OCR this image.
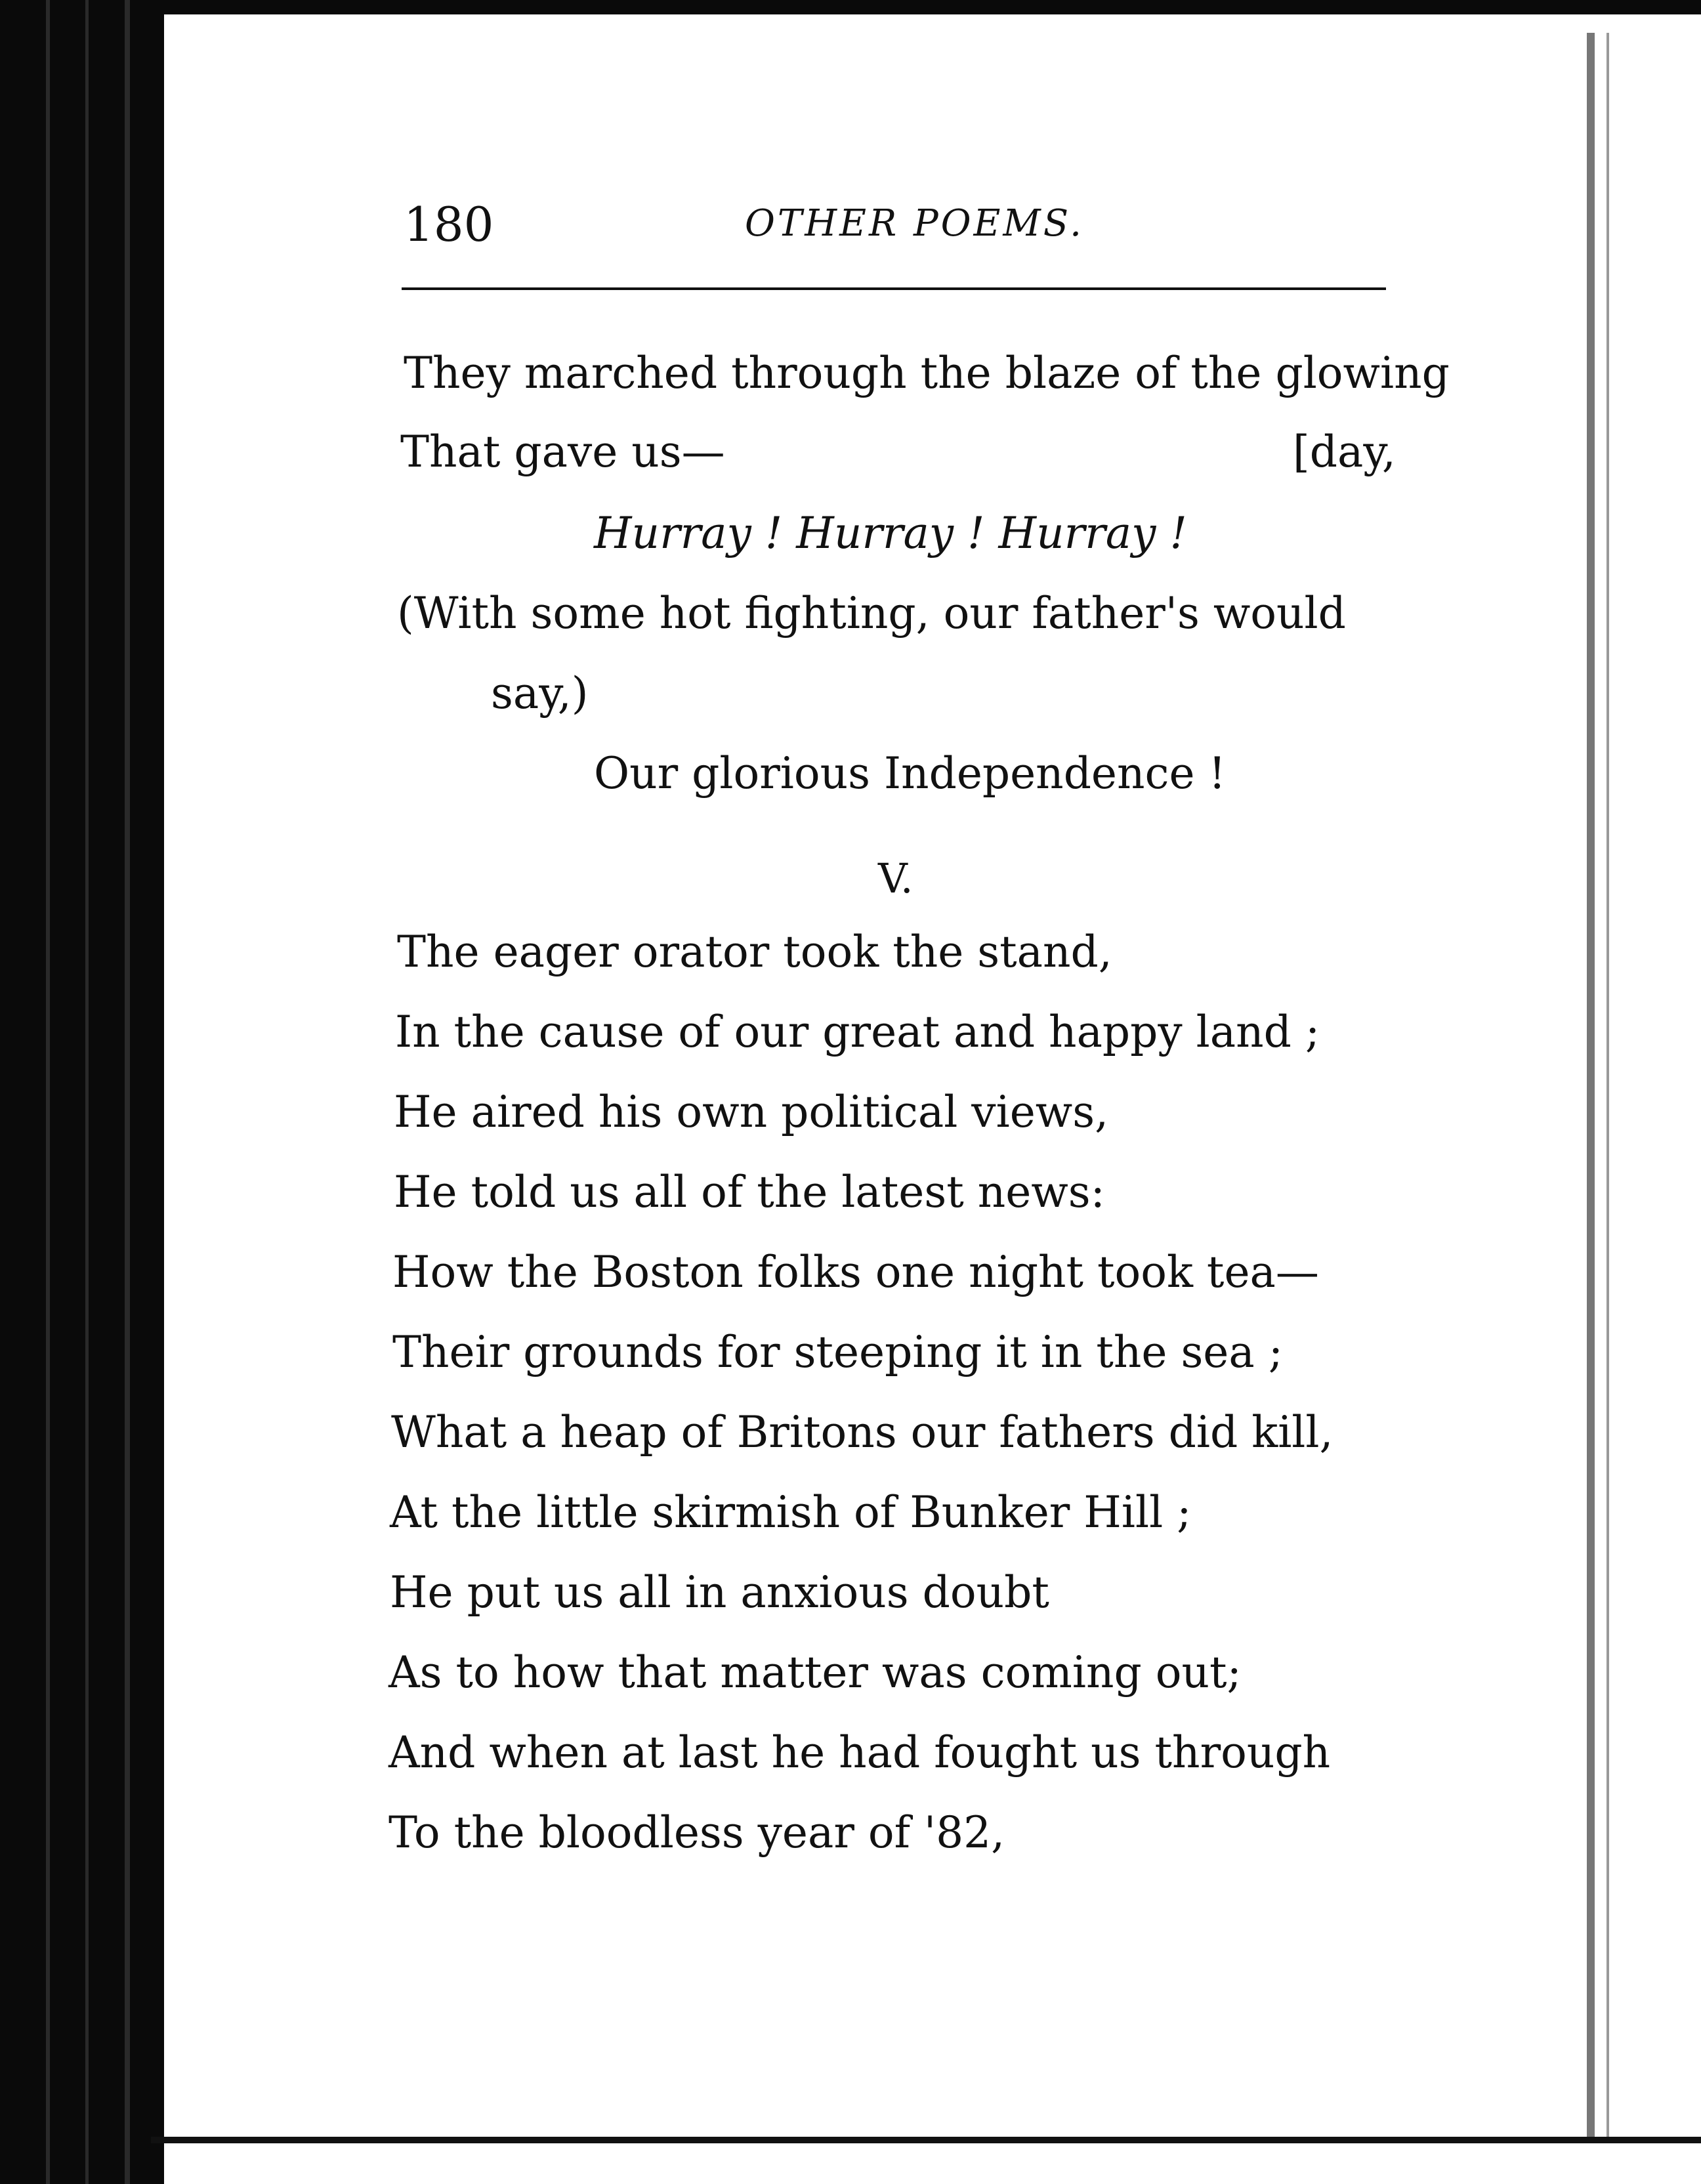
180	OTHER POEMS.
They marched through the blaze of the glowing
That gave us—	[day,
Hurray ! Hurray ! Hurray !
(With some hot fighting, our father's would
say,)
Our glorious Independence !
V.
The eager orator took the stand,
In the cause of our great and happy land ;
He aired his own political views,
He told us all of the latest news:
How the Boston folks one night took tea—
Their grounds for steeping it in the sea ;
What a heap of Britons our fathers did kill,
At the little skirmish of Bunker Hill ;
He put us all in anxious doubt
As to how that matter was coming out;
And when at last he had fought us through
To the bloodless year of '82,
